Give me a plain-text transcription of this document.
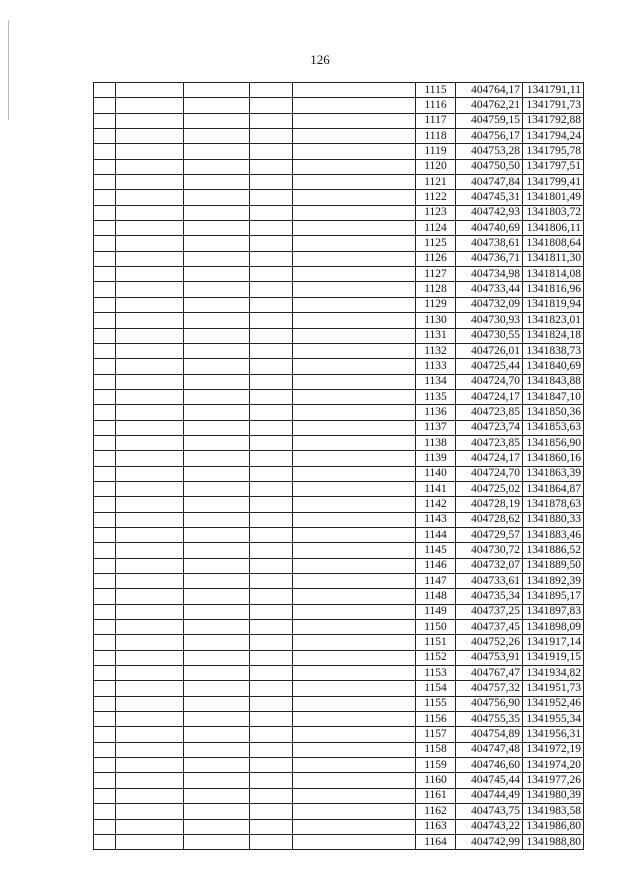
126
					1115	404764,17	1341791,11
					1116	404762,21	1341791,73
					1117	404759,15	1341792,88
					1118	404756,17	1341794,24
					1119	404753,28	1341795,78
					1120	404750,50	1341797,51
					1121	404747,84	1341799,41
					1122	404745,31	1341801,49
					1123	404742,93	1341803,72
					1124	404740,69	1341806,11
					1125	404738,61	1341808,64
					1126	404736,71	1341811,30
					1127	404734,98	1341814,08
					1128	404733,44	1341816,96
					1129	404732,09	1341819,94
					1130	404730,93	1341823,01
					1131	404730,55	1341824,18
					1132	404726,01	1341838,73
					1133	404725,44	1341840,69
					1134	404724,70	1341843,88
					1135	404724,17	1341847,10
					1136	404723,85	1341850,36
					1137	404723,74	1341853,63
					1138	404723,85	1341856,90
					1139	404724,17	1341860,16
					1140	404724,70	1341863,39
					1141	404725,02	1341864,87
					1142	404728,19	1341878,63
					1143	404728,62	1341880,33
					1144	404729,57	1341883,46
					1145	404730,72	1341886,52
					1146	404732,07	1341889,50
					1147	404733,61	1341892,39
					1148	404735,34	1341895,17
					1149	404737,25	1341897,83
					1150	404737,45	1341898,09
					1151	404752,26	1341917,14
					1152	404753,91	1341919,15
					1153	404767,47	1341934,82
					1154	404757,32	1341951,73
					1155	404756,90	1341952,46
					1156	404755,35	1341955,34
					1157	404754,89	1341956,31
					1158	404747,48	1341972,19
					1159	404746,60	1341974,20
					1160	404745,44	1341977,26
					1161	404744,49	1341980,39
					1162	404743,75	1341983,58
					1163	404743,22	1341986,80
					1164	404742,99	1341988,80
